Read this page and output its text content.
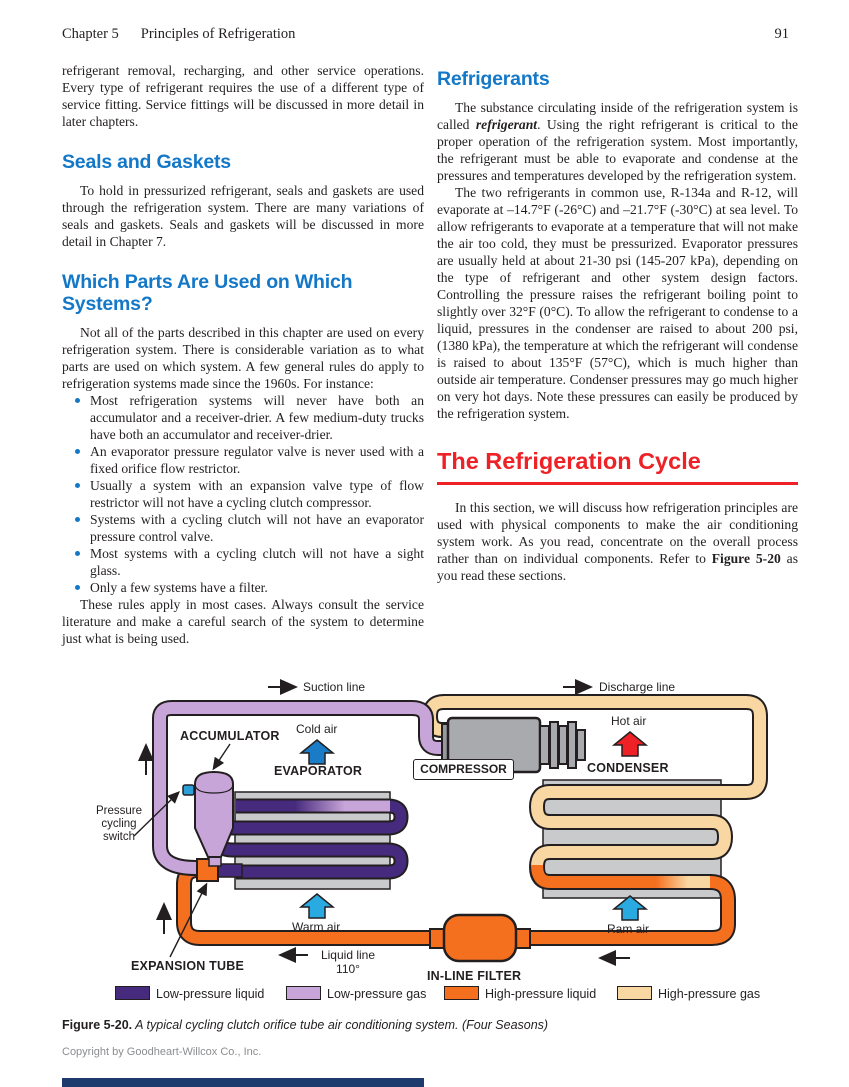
Chapter 5 Principles of Refrigeration	91

refrigerant removal, recharging, and other service operations. Every type of refrigerant requires the use of a different type of service fitting. Service fittings will be discussed in more detail in later chapters.

Seals and Gaskets

To hold in pressurized refrigerant, seals and gaskets are used through the refrigeration system. There are many variations of seals and gaskets. Seals and gaskets will be discussed in more detail in Chapter 7.

Which Parts Are Used on Which Systems?

Not all of the parts described in this chapter are used on every refrigeration system. There is considerable variation as to what parts are used on which system. A few general rules do apply to refrigeration systems made since the 1960s. For instance:

Most refrigeration systems will never have both an accumulator and a receiver-drier. A few medium-duty trucks have both an accumulator and receiver-drier.
An evaporator pressure regulator valve is never used with a fixed orifice flow restrictor.
Usually a system with an expansion valve type of flow restrictor will not have a cycling clutch compressor.
Systems with a cycling clutch will not have an evaporator pressure control valve.
Most systems with a cycling clutch will not have a sight glass.
Only a few systems have a filter.

These rules apply in most cases. Always consult the service literature and make a careful search of the system to determine just what is being used.

Refrigerants

The substance circulating inside of the refrigeration system is called refrigerant. Using the right refrigerant is critical to the proper operation of the refrigeration system. Most importantly, the refrigerant must be able to evaporate and condense at the pressures and temperatures developed by the refrigeration system.

The two refrigerants in common use, R-134a and R-12, will evaporate at –14.7°F (-26°C) and –21.7°F (-30°C) at sea level. To allow refrigerants to evaporate at a temperature that will not make the air too cold, they must be pressurized. Evaporator pressures are usually held at about 21-30 psi (145-207 kPa), depending on the type of refrigerant and other system design factors. Controlling the pressure raises the refrigerant boiling point to slightly over 32°F (0°C). To allow the refrigerant to condense to a liquid, pressures in the condenser are raised to about 200 psi, (1380 kPa), the temperature at which the refrigerant will condense is raised to about 135°F (57°C), which is much higher than outside air temperature. Condenser pressures may go much higher on very hot days. Note these pressures can easily be produced by the refrigeration system.

The Refrigeration Cycle

In this section, we will discuss how refrigeration principles are used with physical components to make the air conditioning system work. As you read, concentrate on the overall process rather than on individual components. Refer to Figure 5-20 as you read these sections.

Suction line	Discharge line
ACCUMULATOR Cold air
EVAPORATOR	COMPRESSOR
Hot air
CONDENSER
Pressure cycling switch
Warm air	Ram air
Liquid line
110°
EXPANSION TUBE
IN-LINE FILTER
Low-pressure liquid	Low-pressure gas	High-pressure liquid	High-pressure gas
Figure 5-20. A typical cycling clutch orifice tube air conditioning system. (Four Seasons)
Copyright by Goodheart-Willcox Co., Inc.
